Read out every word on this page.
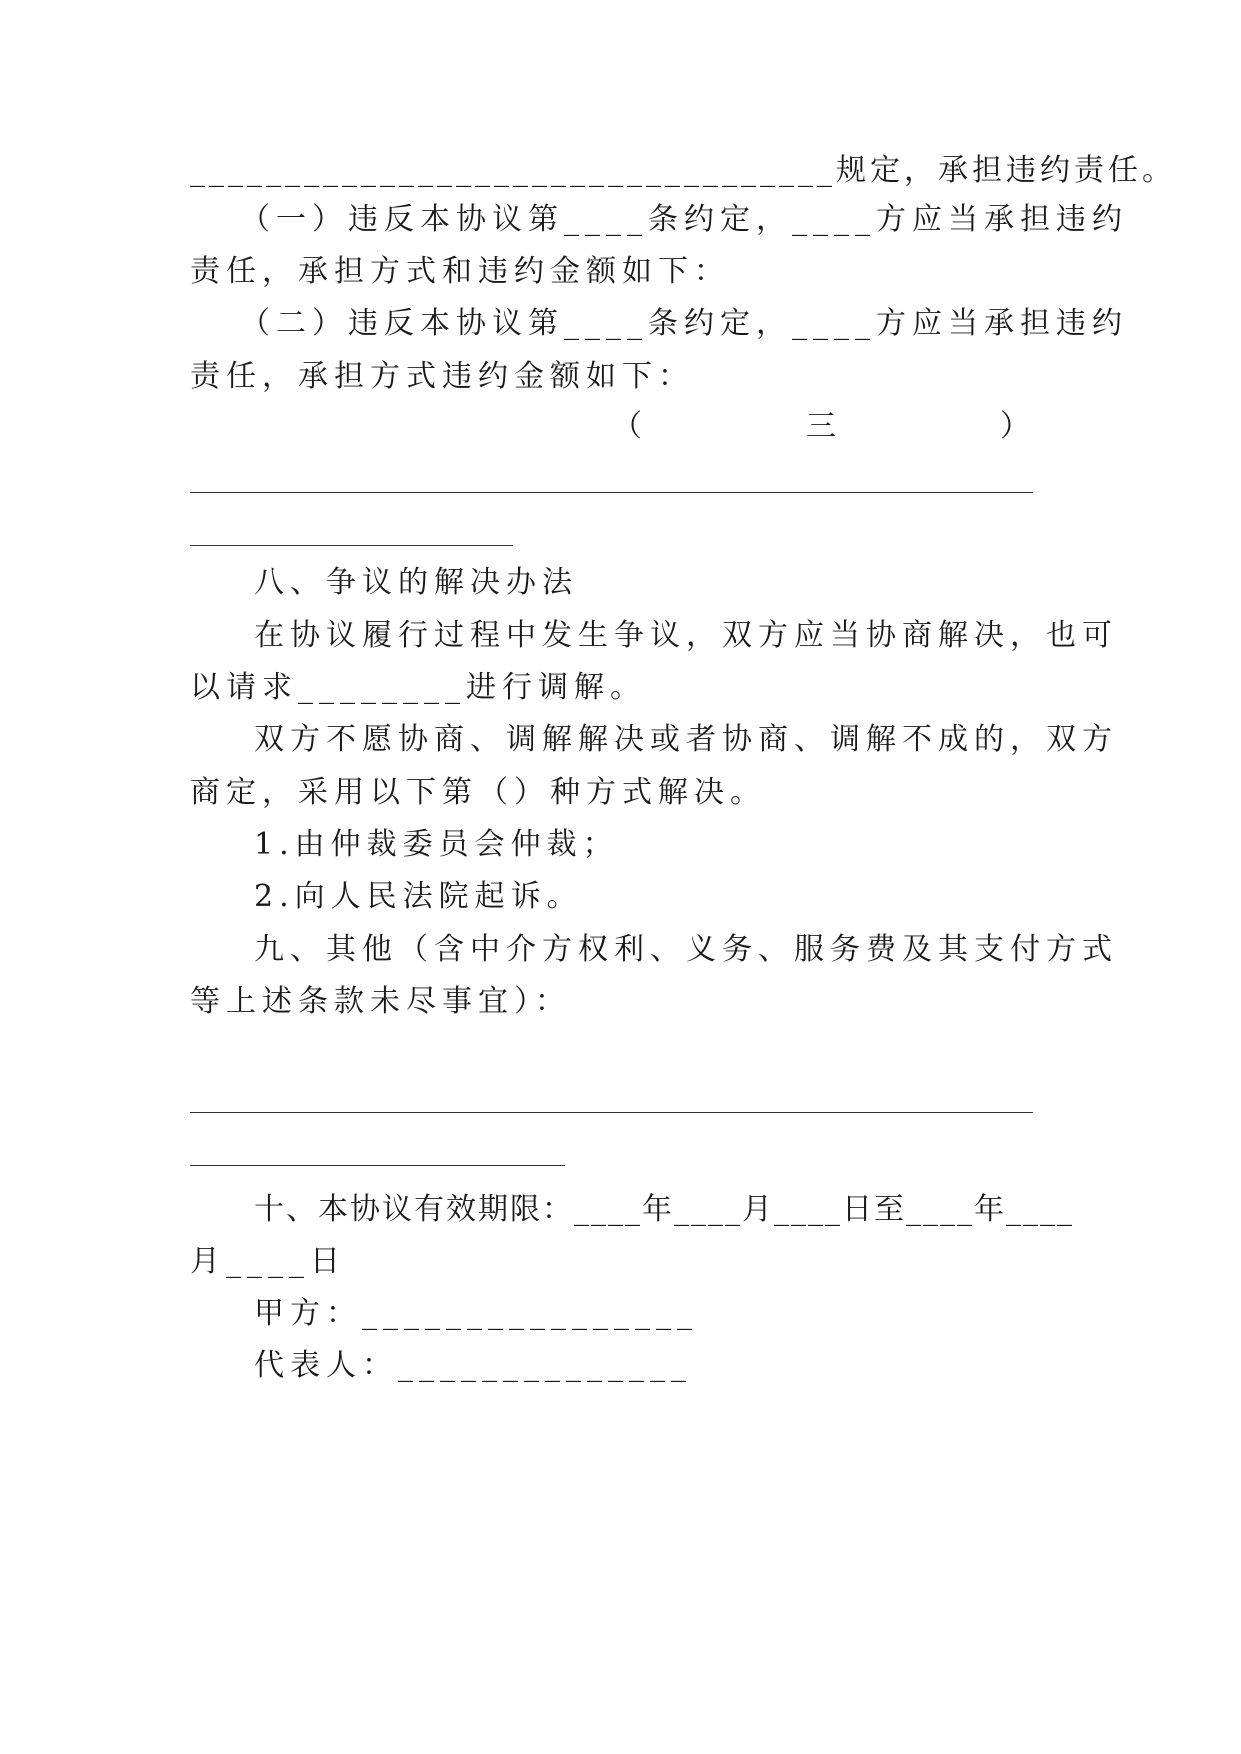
__________________________________规定，承担违约责任。
（一）违反本协议第____条约定，____方应当承担违约
责任，承担方式和违约金额如下：
（二）违反本协议第____条约定，____方应当承担违约
责任，承担方式违约金额如下：
（	三	）
八、争议的解决办法
在协议履行过程中发生争议，双方应当协商解决，也可
以请求________进行调解。
双方不愿协商、调解解决或者协商、调解不成的，双方
商定，采用以下第（）种方式解决。
1.由仲裁委员会仲裁；
2.向人民法院起诉。
九、其他（含中介方权利、义务、服务费及其支付方式
等上述条款未尽事宜）：
十、本协议有效期限：____年____月____日至____年____
月____日
甲方：________________
代表人：______________
